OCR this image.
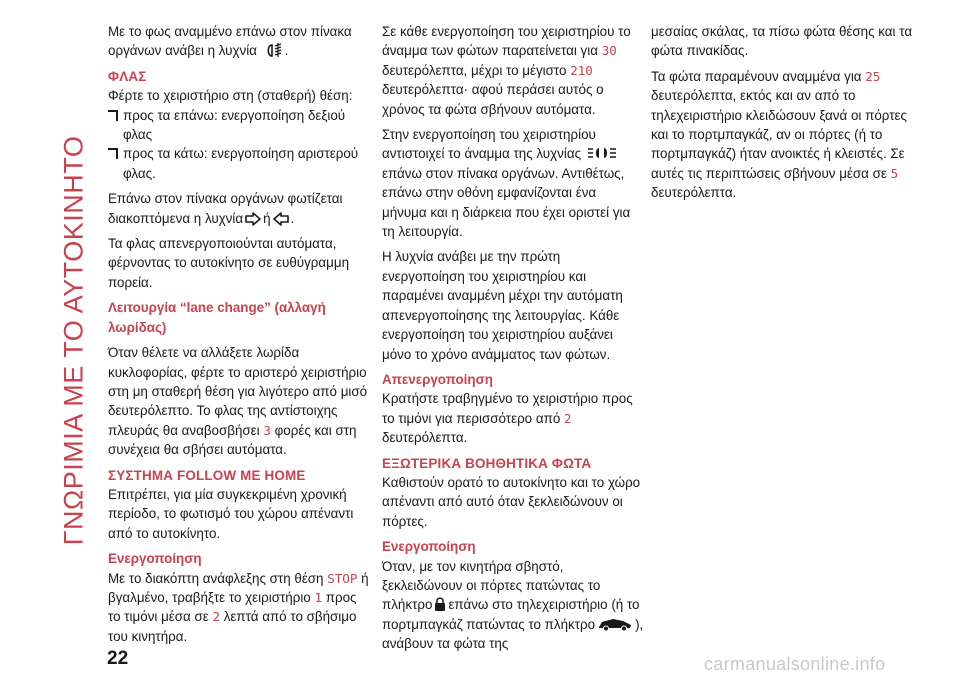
ΓΝΩΡΙΜΙΑ ΜΕ ΤΟ ΑΥΤΟΚΙΝΗΤΟ

Με το φως αναμμένο επάνω στον πίνακα οργάνων ανάβει η λυχνία .

ΦΛΑΣ

Φέρτε το χειριστήριο στη (σταθερή) θέση:

προς τα επάνω: ενεργοποίηση δεξιού φλας
προς τα κάτω: ενεργοποίηση αριστερού φλας.

Επάνω στον πίνακα οργάνων φωτίζεται διακοπτόμενα η λυχνία ή .

Τα φλας απενεργοποιούνται αυτόματα, φέρνοντας το αυτοκίνητο σε ευθύγραμμη πορεία.

Λειτουργία “lane change” (αλλαγή λωρίδας)

Όταν θέλετε να αλλάξετε λωρίδα κυκλοφορίας, φέρτε το αριστερό χειριστήριο στη μη σταθερή θέση για λιγότερο από μισό δευτερόλεπτο. Το φλας της αντίστοιχης πλευράς θα αναβοσβήσει 3 φορές και στη συνέχεια θα σβήσει αυτόματα.

ΣΥΣΤΗΜΑ FOLLOW ME HOME

Επιτρέπει, για μία συγκεκριμένη χρονική περίοδο, το φωτισμό του χώρου απέναντι από το αυτοκίνητο.

Ενεργοποίηση

Με το διακόπτη ανάφλεξης στη θέση STOP ή βγαλμένο, τραβήξτε το χειριστήριο 1 προς το τιμόνι μέσα σε 2 λεπτά από το σβήσιμο του κινητήρα.

Σε κάθε ενεργοποίηση του χειριστηρίου το άναμμα των φώτων παρατείνεται για 30 δευτερόλεπτα, μέχρι το μέγιστο 210 δευτερόλεπτα· αφού περάσει αυτός ο χρόνος τα φώτα σβήνουν αυτόματα.

Στην ενεργοποίηση του χειριστηρίου αντιστοιχεί το άναμμα της λυχνίας  επάνω στον πίνακα οργάνων. Αντιθέτως, επάνω στην οθόνη εμφανίζονται ένα μήνυμα και η διάρκεια που έχει οριστεί για τη λειτουργία.

Η λυχνία ανάβει με την πρώτη ενεργοποίηση του χειριστηρίου και παραμένει αναμμένη μέχρι την αυτόματη απενεργοποίησης της λειτουργίας. Κάθε ενεργοποίηση του χειριστηρίου αυξάνει μόνο το χρόνο ανάμματος των φώτων.

Απενεργοποίηση

Κρατήστε τραβηγμένο το χειριστήριο προς το τιμόνι για περισσότερο από 2 δευτερόλεπτα.

ΕΞΩΤΕΡΙΚΑ ΒΟΗΘΗΤΙΚΑ ΦΩΤΑ

Καθιστούν ορατό το αυτοκίνητο και το χώρο απέναντι από αυτό όταν ξεκλειδώνουν οι πόρτες.

Ενεργοποίηση

Όταν, με τον κινητήρα σβηστό, ξεκλειδώνουν οι πόρτες πατώντας το πλήκτρο επάνω στο τηλεχειριστήριο (ή το πορτμπαγκάζ πατώντας το πλήκτρο	), ανάβουν τα φώτα της

μεσαίας σκάλας, τα πίσω φώτα θέσης και τα φώτα πινακίδας.

Τα φώτα παραμένουν αναμμένα για 25 δευτερόλεπτα, εκτός και αν από το τηλεχειριστήριο κλειδώσουν ξανά οι πόρτες και το πορτμπαγκάζ, αν οι πόρτες (ή το πορτμπαγκάζ) ήταν ανοικτές ή κλειστές. Σε αυτές τις περιπτώσεις σβήνουν μέσα σε 5 δευτερόλεπτα.

22	carmanualsonline.info
